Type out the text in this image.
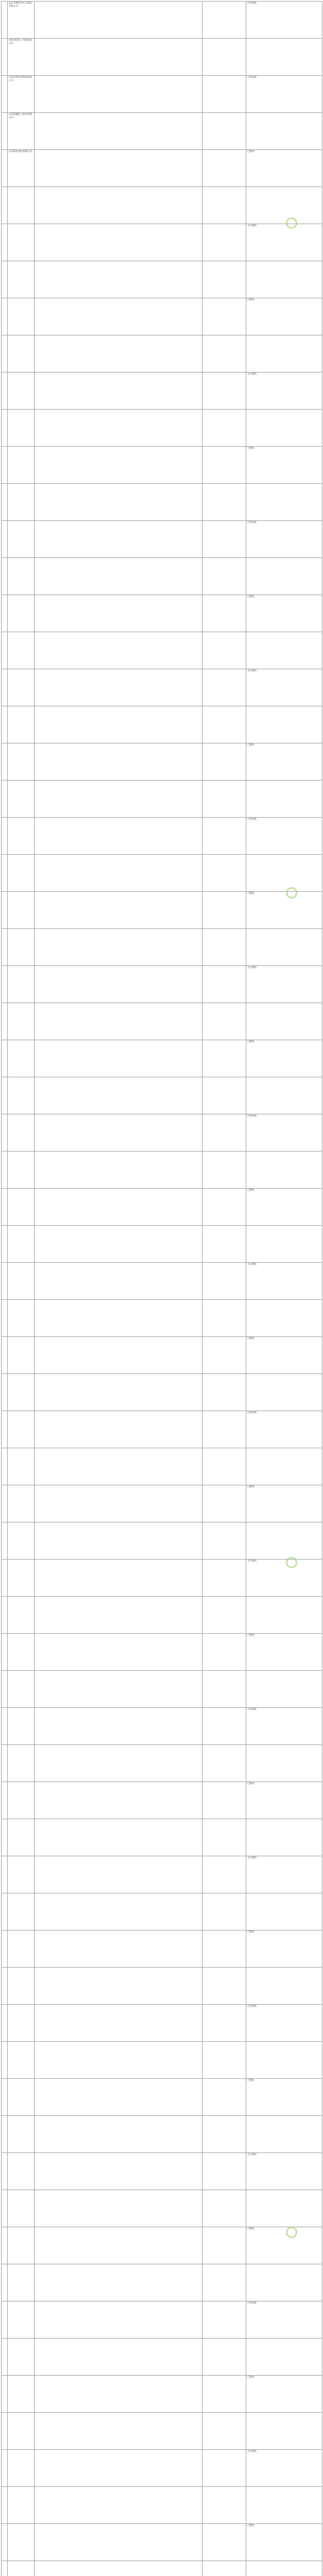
	山东华鲁恒升化工股份有限公司			已经验收
	兖矿国宏化工有限责任公司			
	山东东明石化集团有限公司			已经验收
	山东联盟化工股份有限公司			
	山东海化集团有限公司			已整改

				正在整改

				已整改

				正在整改

				已整改

				已经验收

				已整改

				正在整改

				已整改

				已经验收

				已整改

				正在整改

				已整改

				已经验收

				已整改

				正在整改

				已整改

				已经验收

				已整改

				正在整改

				已整改

				已经验收

				已整改

				正在整改

				已整改

				已经验收

				已整改

				正在整改

				已整改

				已经验收

				已整改

				正在整改

				已整改
